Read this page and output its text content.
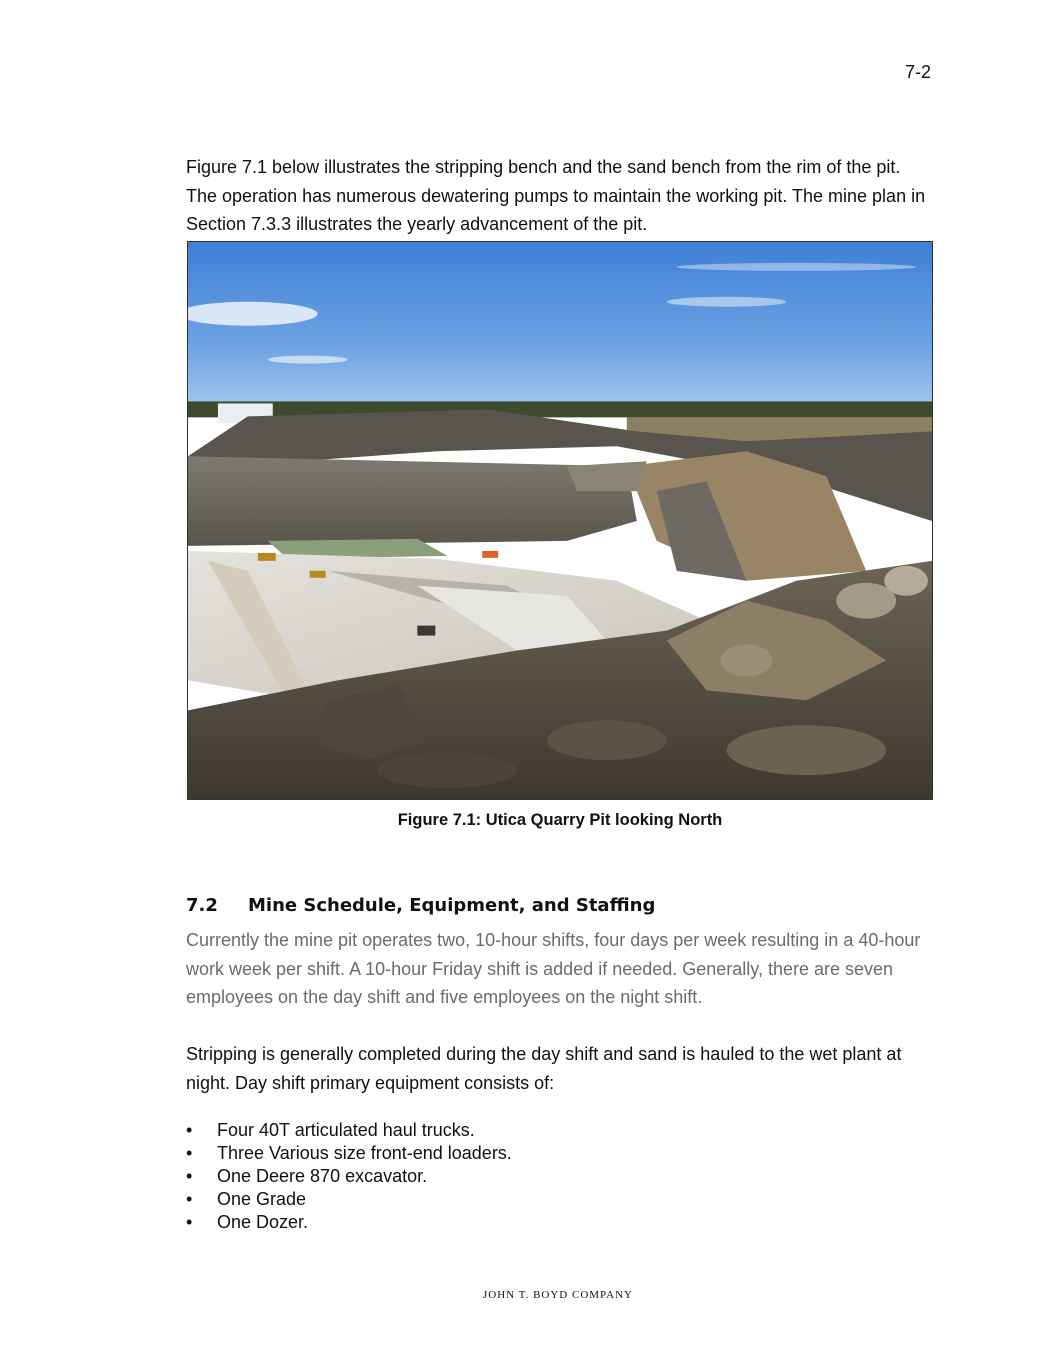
7-2

Figure 7.1 below illustrates the stripping bench and the sand bench from the rim of the pit. The operation has numerous dewatering pumps to maintain the working pit. The mine plan in Section 7.3.3 illustrates the yearly advancement of the pit.

Figure 7.1: Utica Quarry Pit looking North
7.2 Mine Schedule, Equipment, and Staffing

Currently the mine pit operates two, 10-hour shifts, four days per week resulting in a 40-hour work week per shift. A 10-hour Friday shift is added if needed. Generally, there are seven employees on the day shift and five employees on the night shift.

Stripping is generally completed during the day shift and sand is hauled to the wet plant at night. Day shift primary equipment consists of:

• Four 40T articulated haul trucks.
• Three Various size front-end loaders.
• One Deere 870 excavator.
• One Grade
• One Dozer.
JOHN T. BOYD COMPANY
